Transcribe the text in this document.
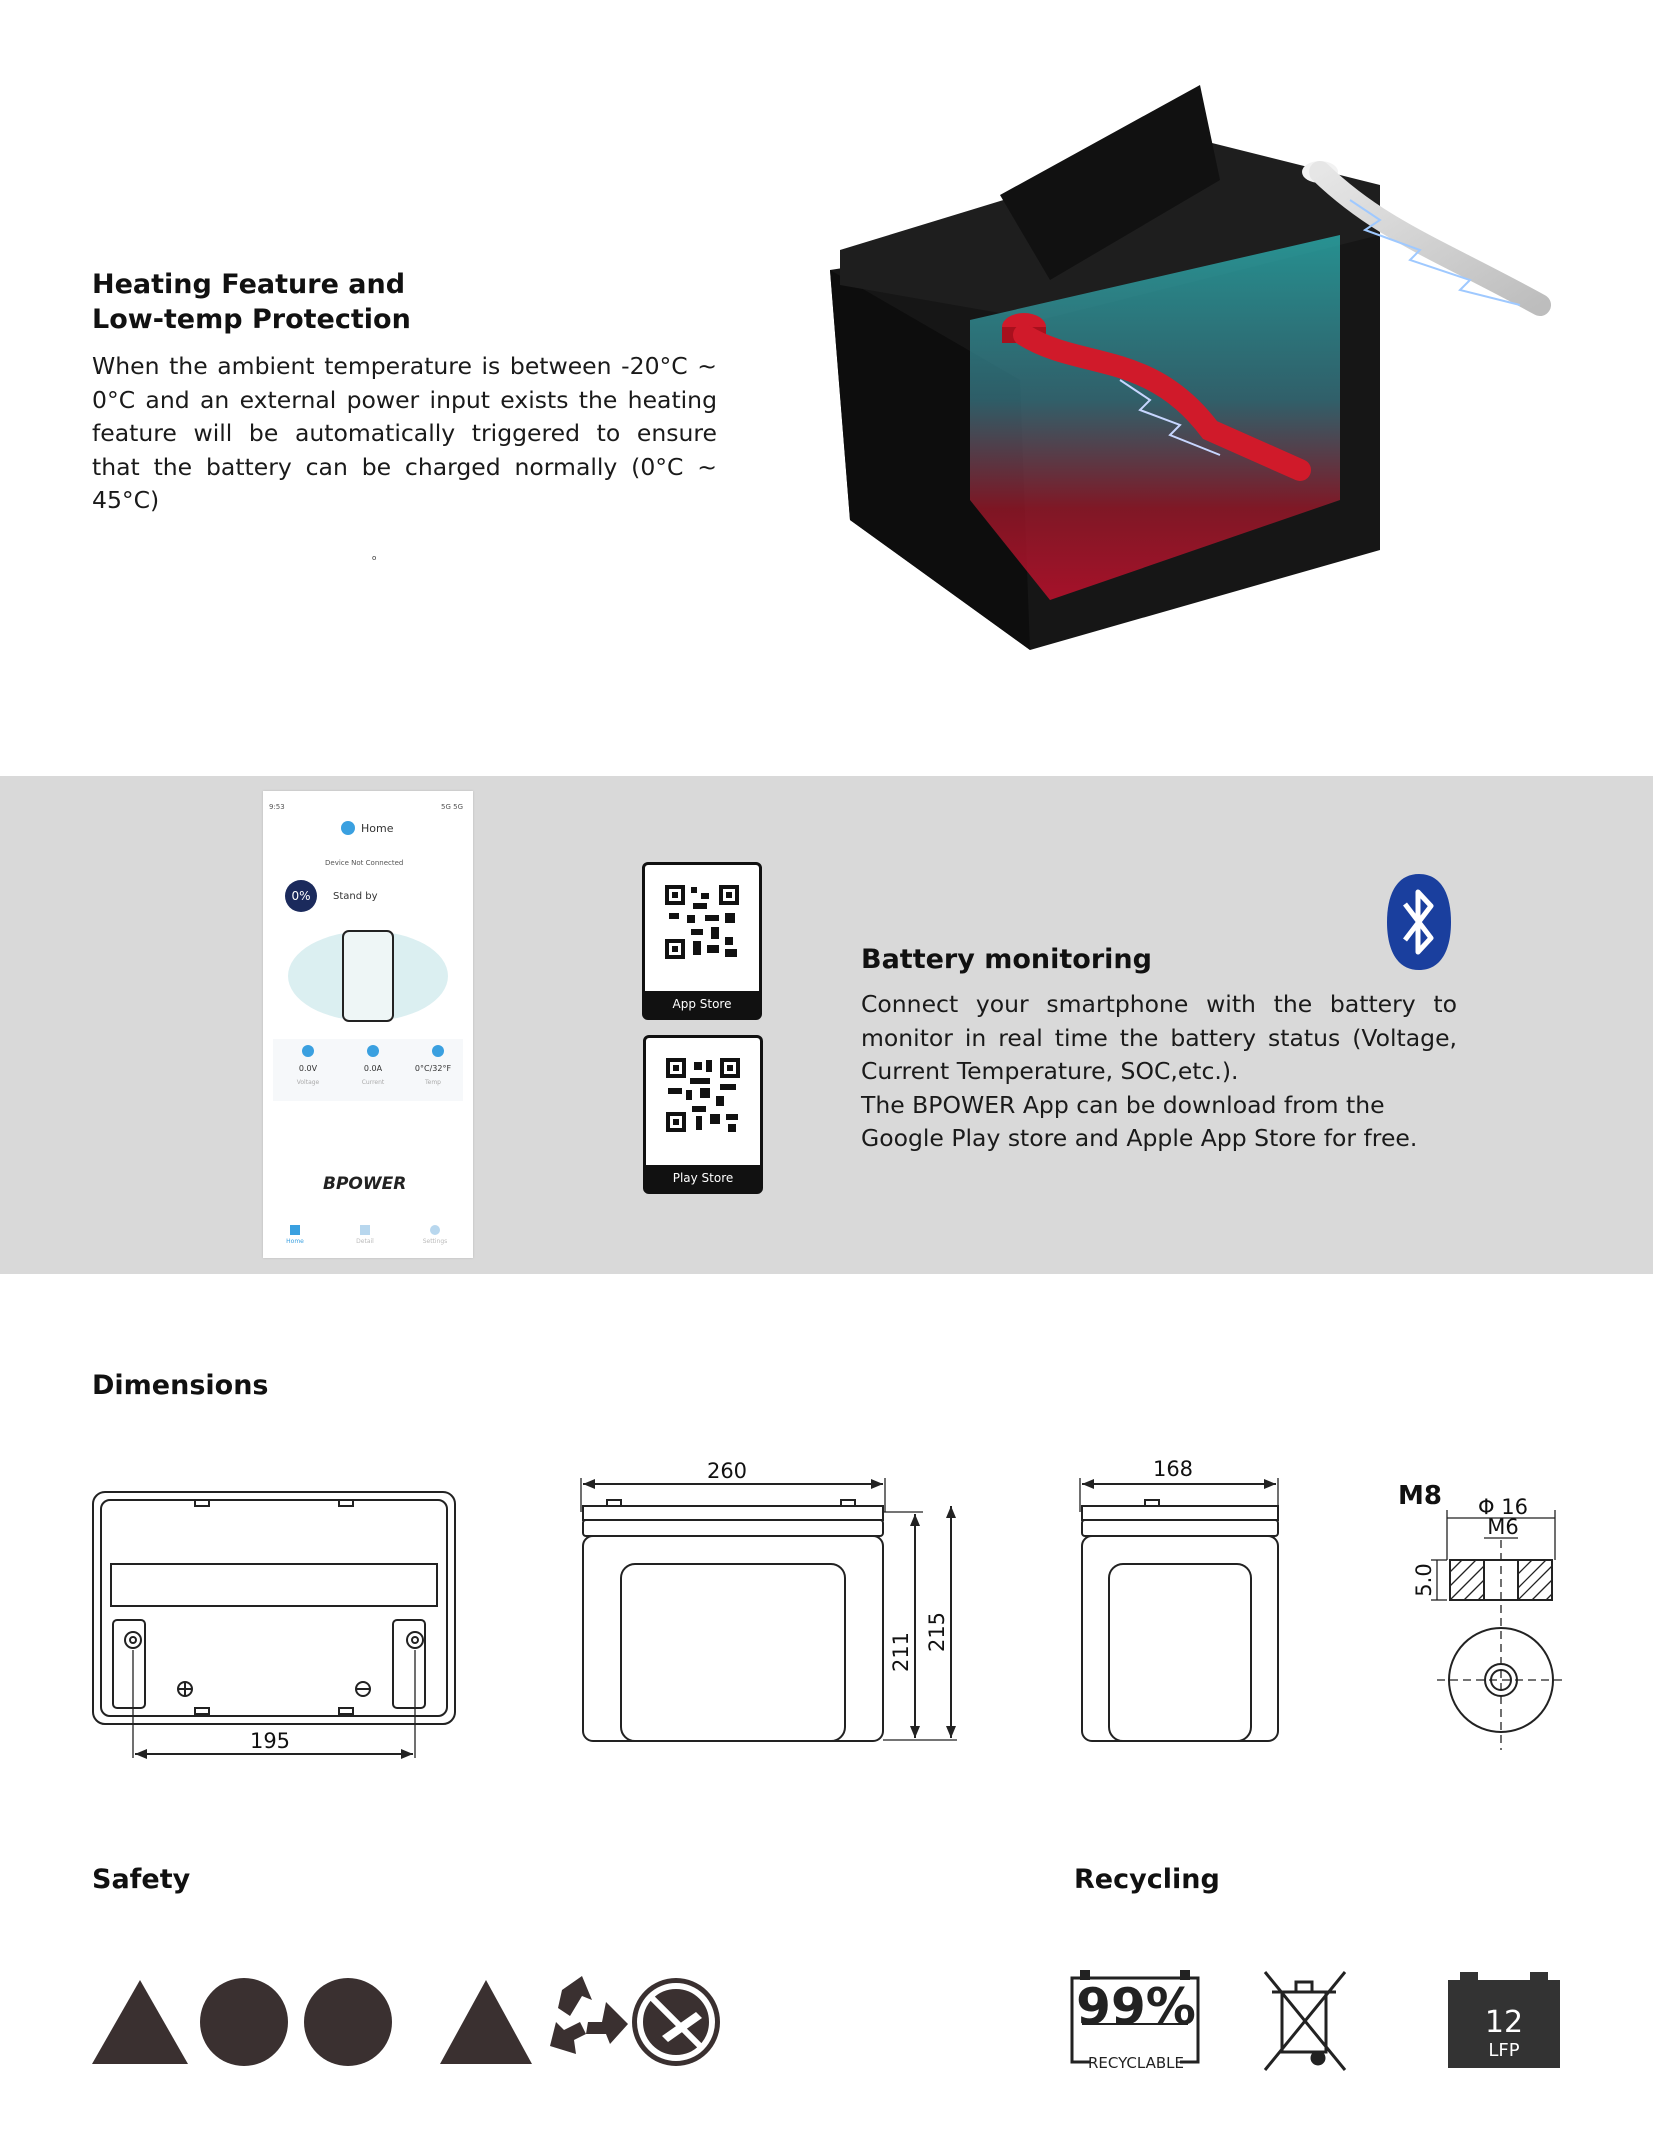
Heating Feature and
Low-temp Protection

When the ambient temperature is between -20°C ~ 0°C and an external power input exists the heating feature will be automatically triggered to ensure that the battery can be charged normally (0°C ~ 45°C)

o
9:53	5G 5G
Home
Device Not Connected
0%	Stand by
0.0V	0.0A	0°C/32°F
Voltage	Current	Temp
BPOWER
Home	Detail	Settings
App Store
Play Store
Battery monitoring

Connect your smartphone with the battery to monitor in real time the battery status (Voltage, Current Temperature, SOC,etc.).

The BPOWER App can be download from the Google Play store and Apple App Store for free.

Dimensions
195
260
211 215
168
M8 Φ 16
M6
5.0
Safety	Recycling
99%
RECYCLABLE
12
LFP
